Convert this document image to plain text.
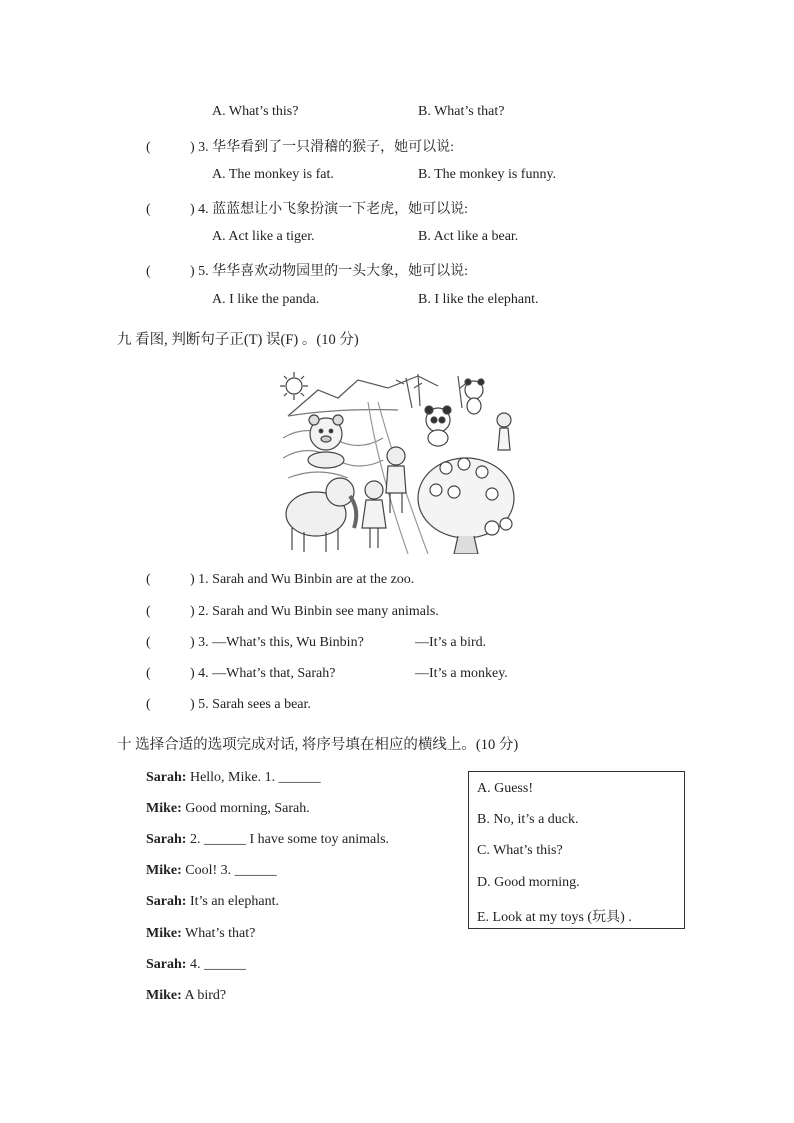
A. What’s this?	B. What’s that?
(	) 3. 华华看到了一只滑稽的猴子，她可以说:
A. The monkey is fat.	B. The monkey is funny.
(	) 4. 蓝蓝想让小飞象扮演一下老虎，她可以说:
A. Act like a tiger.	B. Act like a bear.
(	) 5. 华华喜欢动物园里的一头大象，她可以说:
A. I like the panda.	B. I like the elephant.
九 看图, 判断句子正(T) 误(F) 。(10 分)
(	) 1. Sarah and Wu Binbin are at the zoo.
(	) 2. Sarah and Wu Binbin see many animals.
(	) 3. —What’s this, Wu Binbin?	—It’s a bird.
(	) 4. —What’s that, Sarah?	—It’s a monkey.
(	) 5. Sarah sees a bear.
十 选择合适的选项完成对话, 将序号填在相应的横线上。(10 分)
Sarah: Hello, Mike. 1. ______
Mike: Good morning, Sarah.
Sarah: 2. ______ I have some toy animals.
Mike: Cool! 3. ______
Sarah: It’s an elephant.
Mike: What’s that?
Sarah: 4. ______
Mike: A bird?
A. Guess!
B. No, it’s a duck.
C. What’s this?
D. Good morning.
E. Look at my toys (玩具) .
